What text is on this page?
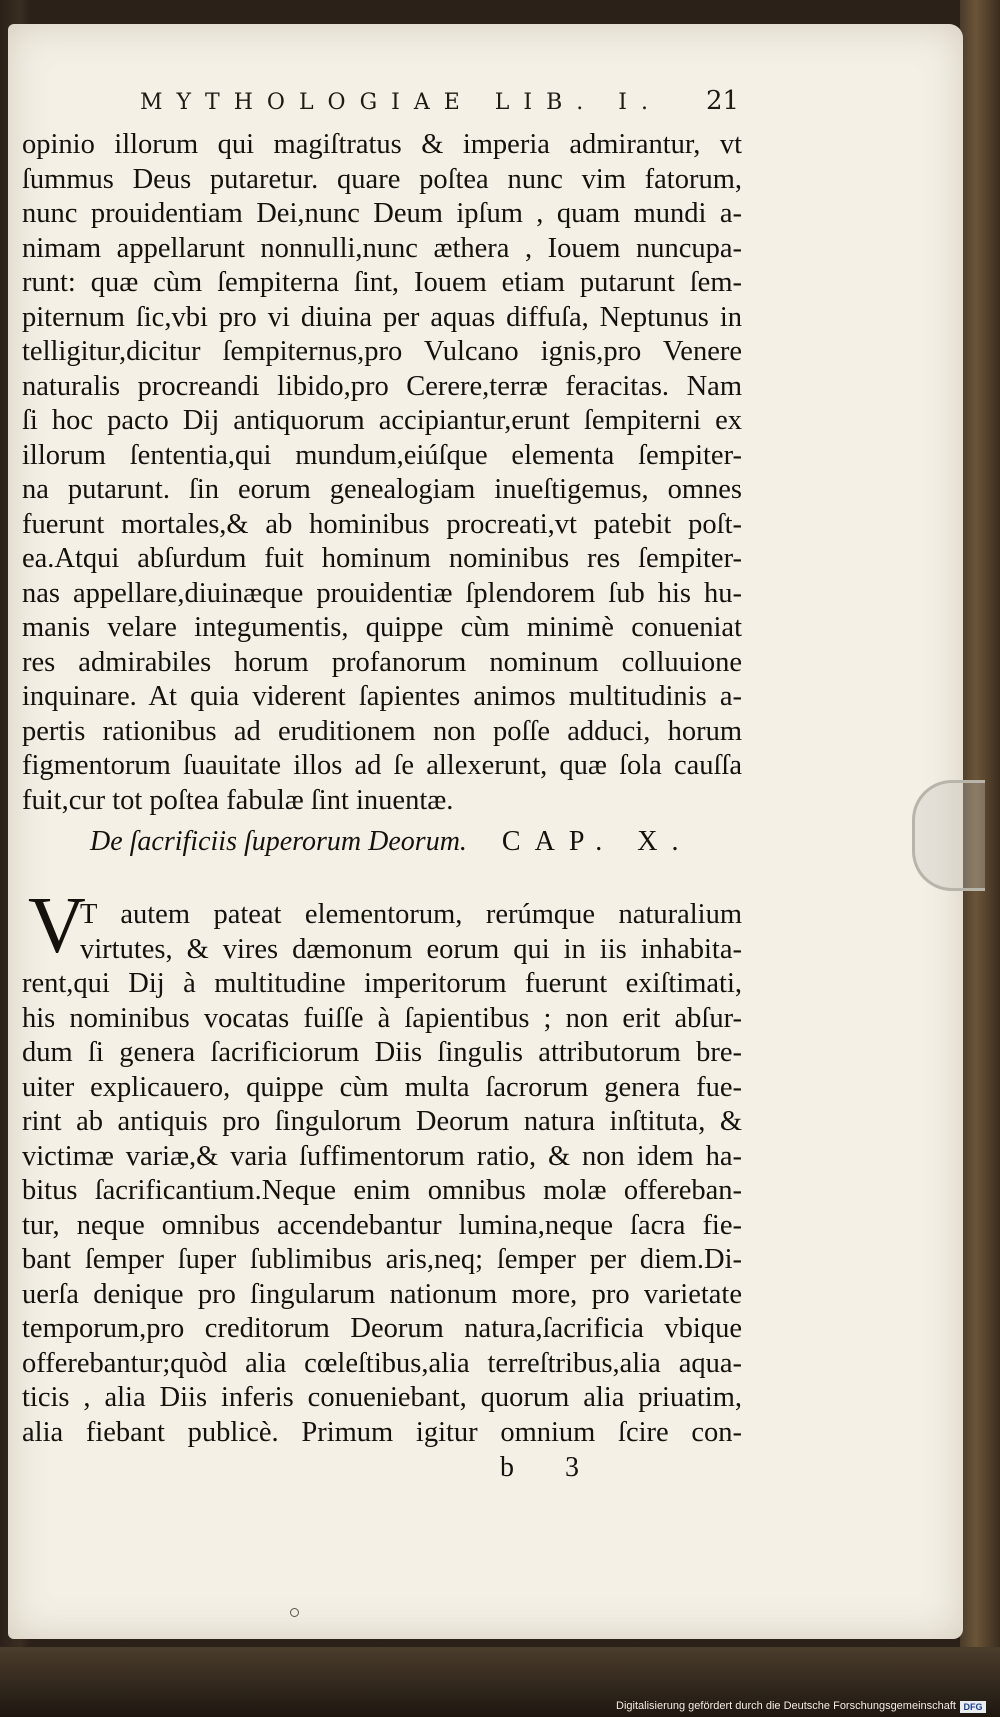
MYTHOLOGIAE LIB. I.	21
opinio illorum qui magiſtratus & imperia admirantur, vt
ſummus Deus putaretur. quare poſtea nunc vim fatorum,
nunc prouidentiam Dei,nunc Deum ipſum , quam mundi a-
nimam appellarunt nonnulli,nunc æthera , Iouem nuncupa-
runt: quæ cùm ſempiterna ſint, Iouem etiam putarunt ſem-
piternum ſic,vbi pro vi diuina per aquas diffuſa, Neptunus in
telligitur,dicitur ſempiternus,pro Vulcano ignis,pro Venere
naturalis procreandi libido,pro Cerere,terræ feracitas. Nam
ſi hoc pacto Dij antiquorum accipiantur,erunt ſempiterni ex
illorum ſententia,qui mundum,eiúſque elementa ſempiter-
na putarunt. ſin eorum genealogiam inueſtigemus, omnes
fuerunt mortales,& ab hominibus procreati,vt patebit poſt-
ea.Atqui abſurdum fuit hominum nominibus res ſempiter-
nas appellare,diuinæque prouidentiæ ſplendorem ſub his hu-
manis velare integumentis, quippe cùm minimè conueniat
res admirabiles horum profanorum nominum colluuione
inquinare. At quia viderent ſapientes animos multitudinis a-
pertis rationibus ad eruditionem non poſſe adduci, horum
figmentorum ſuauitate illos ad ſe allexerunt, quæ ſola cauſſa
fuit,cur tot poſtea fabulæ ſint inuentæ.
De ſacrificiis ſuperorum Deorum. CAP. X.
V
T autem pateat elementorum, rerúmque naturalium
virtutes, & vires dæmonum eorum qui in iis inhabita-
rent,qui Dij à multitudine imperitorum fuerunt exiſtimati,
his nominibus vocatas fuiſſe à ſapientibus ; non erit abſur-
dum ſi genera ſacrificiorum Diis ſingulis attributorum bre-
uiter explicauero, quippe cùm multa ſacrorum genera fue-
rint ab antiquis pro ſingulorum Deorum natura inſtituta, &
victimæ variæ,& varia ſuffimentorum ratio, & non idem ha-
bitus ſacrificantium.Neque enim omnibus molæ offereban-
tur, neque omnibus accendebantur lumina,neque ſacra fie-
bant ſemper ſuper ſublimibus aris,neq; ſemper per diem.Di-
uerſa denique pro ſingularum nationum more, pro varietate
temporum,pro creditorum Deorum natura,ſacrificia vbique
offerebantur;quòd alia cœleſtibus,alia terreſtribus,alia aqua-
ticis , alia Diis inferis conueniebant, quorum alia priuatim,
alia fiebant publicè. Primum igitur omnium ſcire con-
b 3
Digitalisierung gefördert durch die Deutsche Forschungsgemeinschaft DFG
